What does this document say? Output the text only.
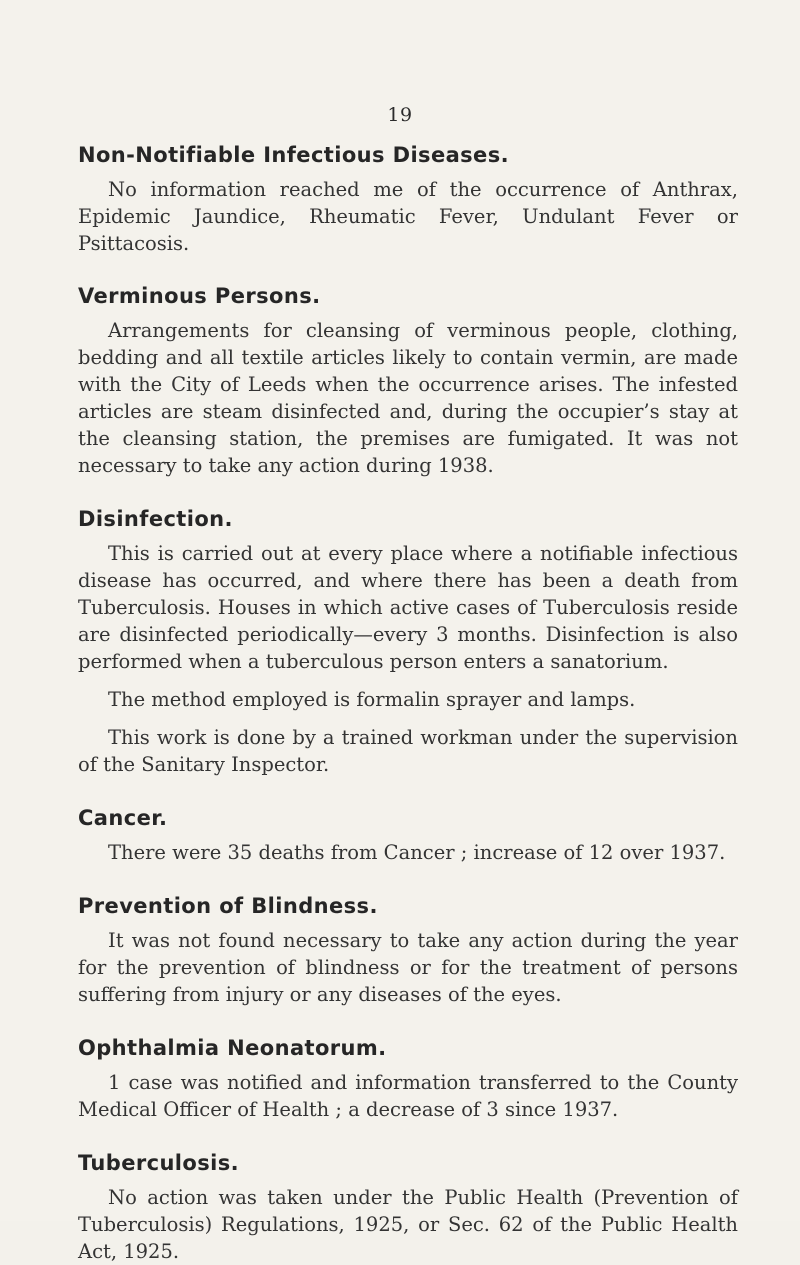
19
Non-Notifiable Infectious Diseases.

No information reached me of the occurrence of Anthrax, Epidemic Jaundice, Rheumatic Fever, Undulant Fever or Psittacosis.

Verminous Persons.

Arrangements for cleansing of verminous people, clothing, bedding and all textile articles likely to contain vermin, are made with the City of Leeds when the occurrence arises. The infested articles are steam disinfected and, during the occupier’s stay at the cleansing station, the premises are fumigated. It was not necessary to take any action during 1938.

Disinfection.

This is carried out at every place where a notifiable infectious disease has occurred, and where there has been a death from Tuberculosis. Houses in which active cases of Tuberculosis reside are disinfected periodically—every 3 months. Disinfection is also performed when a tuberculous person enters a sanatorium.

The method employed is formalin sprayer and lamps.

This work is done by a trained workman under the supervision of the Sanitary Inspector.

Cancer.

There were 35 deaths from Cancer ; increase of 12 over 1937.

Prevention of Blindness.

It was not found necessary to take any action during the year for the prevention of blindness or for the treatment of persons suffering from injury or any diseases of the eyes.

Ophthalmia Neonatorum.

1 case was notified and information transferred to the County Medical Officer of Health ; a decrease of 3 since 1937.

Tuberculosis.

No action was taken under the Public Health (Prevention of Tuberculosis) Regulations, 1925, or Sec. 62 of the Public Health Act, 1925.
